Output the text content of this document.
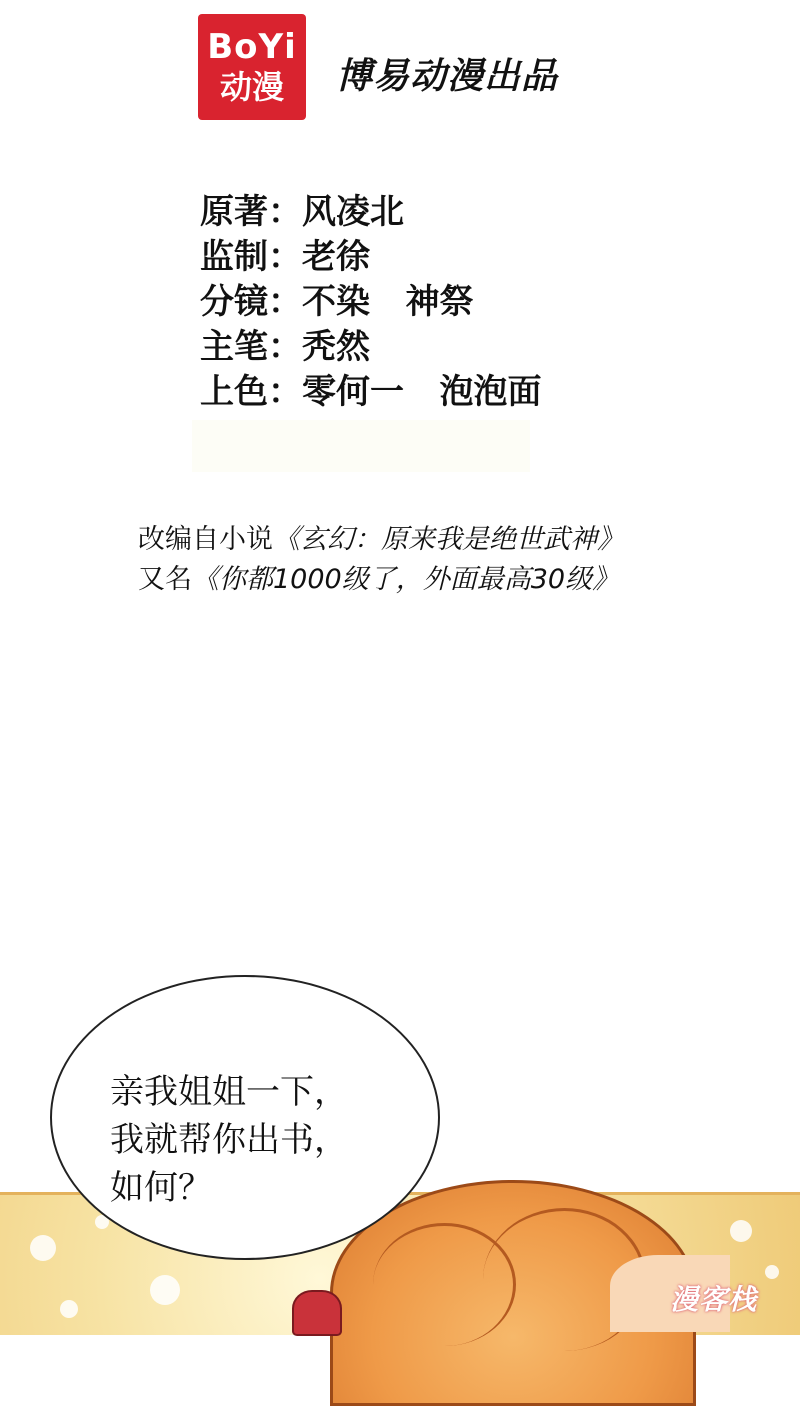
BoYi
动漫 博易动漫出品
原著：风凌北
监制：老徐
分镜：不染   神祭
主笔：秃然
上色：零何一   泡泡面
改编自小说《玄幻：原来我是绝世武神》
又名《你都1000级了，外面最高30级》
亲我姐姐一下，
我就帮你出书，
如何？
漫客栈
